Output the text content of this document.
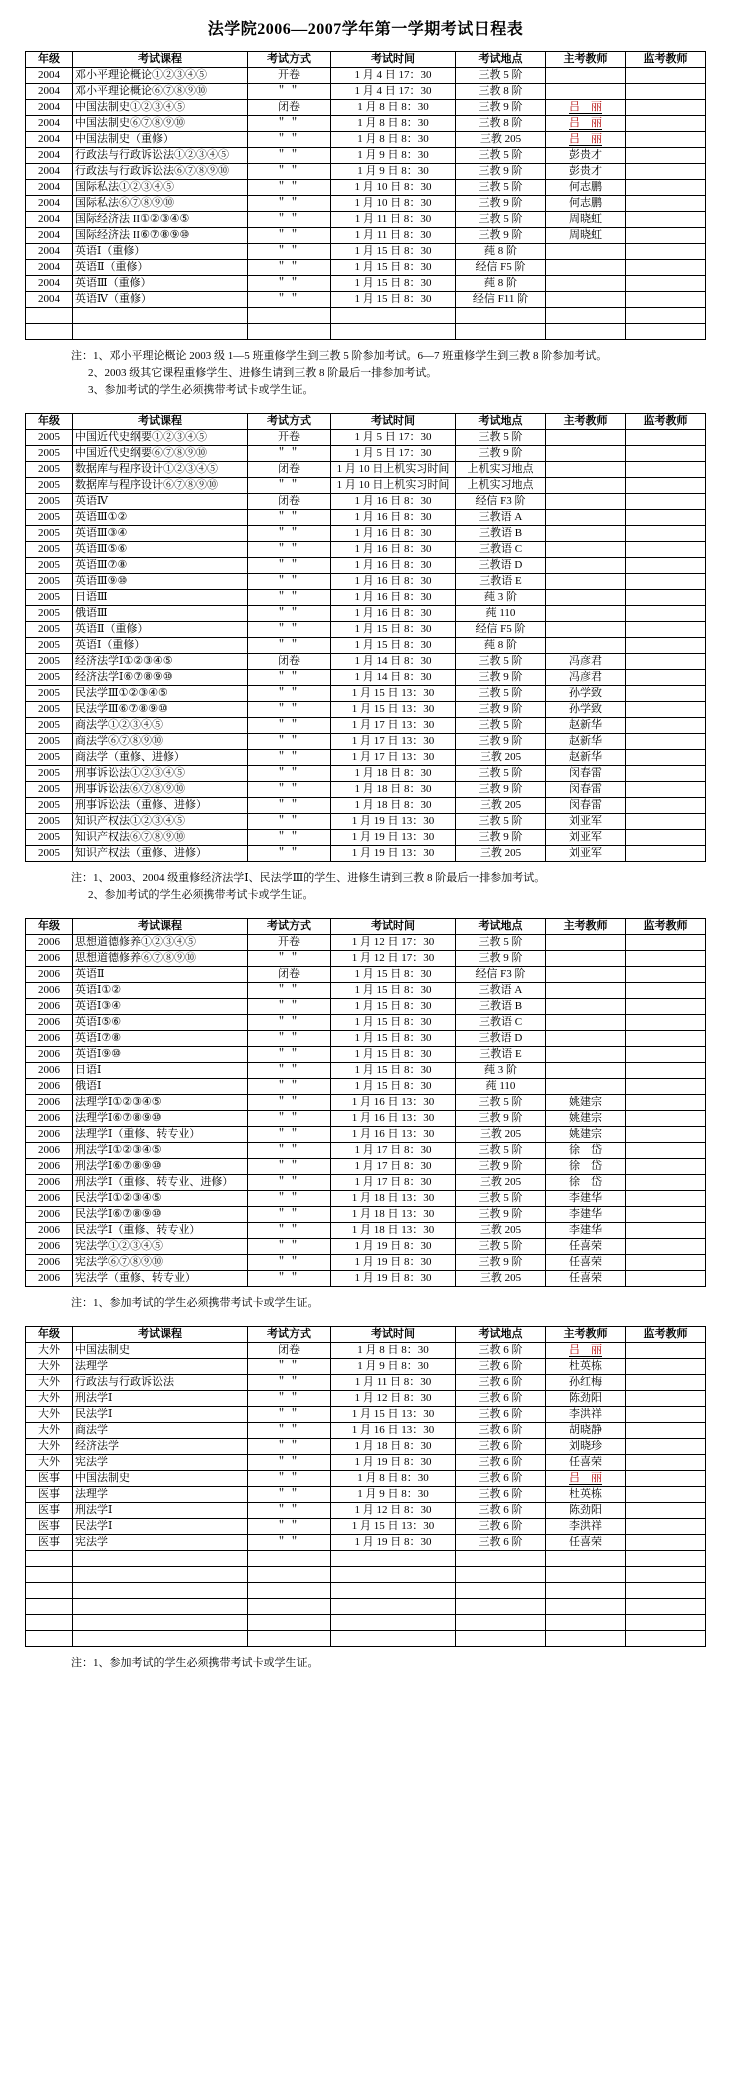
法学院2006—2007学年第一学期考试日程表
年级	考试课程	考试方式	考试时间	考试地点	主考教师	监考教师
2004	邓小平理论概论①②③④⑤	开卷	1 月 4 日 17：30	三教 5 阶		
2004	邓小平理论概论⑥⑦⑧⑨⑩	＂＂	1 月 4 日 17：30	三教 8 阶		
2004	中国法制史①②③④⑤	闭卷	1 月 8 日 8：30	三教 9 阶	吕　丽	
2004	中国法制史⑥⑦⑧⑨⑩	＂＂	1 月 8 日 8：30	三教 8 阶	吕　丽	
2004	中国法制史（重修）	＂＂	1 月 8 日 8：30	三教 205	吕　丽	
2004	行政法与行政诉讼法①②③④⑤	＂＂	1 月 9 日 8：30	三教 5 阶	彭贵才	
2004	行政法与行政诉讼法⑥⑦⑧⑨⑩	＂＂	1 月 9 日 8：30	三教 9 阶	彭贵才	
2004	国际私法①②③④⑤	＂＂	1 月 10 日 8：30	三教 5 阶	何志鹏	
2004	国际私法⑥⑦⑧⑨⑩	＂＂	1 月 10 日 8：30	三教 9 阶	何志鹏	
2004	国际经济法 II①②③④⑤	＂＂	1 月 11 日 8：30	三教 5 阶	周晓虹	
2004	国际经济法 II⑥⑦⑧⑨⑩	＂＂	1 月 11 日 8：30	三教 9 阶	周晓虹	
2004	英语Ⅰ（重修）	＂＂	1 月 15 日 8：30	莼 8 阶		
2004	英语Ⅱ（重修）	＂＂	1 月 15 日 8：30	经信 F5 阶		
2004	英语Ⅲ（重修）	＂＂	1 月 15 日 8：30	莼 8 阶		
2004	英语Ⅳ（重修）	＂＂	1 月 15 日 8：30	经信 F11 阶		

注：1、邓小平理论概论 2003 级 1—5 班重修学生到三教 5 阶参加考试。6—7 班重修学生到三教 8 阶参加考试。
2、2003 级其它课程重修学生、进修生请到三教 8 阶最后一排参加考试。
3、参加考试的学生必须携带考试卡或学生证。
年级	考试课程	考试方式	考试时间	考试地点	主考教师	监考教师
2005	中国近代史纲要①②③④⑤	开卷	1 月 5 日 17：30	三教 5 阶		
2005	中国近代史纲要⑥⑦⑧⑨⑩	＂＂	1 月 5 日 17：30	三教 9 阶		
2005	数据库与程序设计①②③④⑤	闭卷	1 月 10 日上机实习时间	上机实习地点		
2005	数据库与程序设计⑥⑦⑧⑨⑩	＂＂	1 月 10 日上机实习时间	上机实习地点		
2005	英语Ⅳ	闭卷	1 月 16 日 8：30	经信 F3 阶		
2005	英语Ⅲ①②	＂＂	1 月 16 日 8：30	三教语 A		
2005	英语Ⅲ③④	＂＂	1 月 16 日 8：30	三教语 B		
2005	英语Ⅲ⑤⑥	＂＂	1 月 16 日 8：30	三教语 C		
2005	英语Ⅲ⑦⑧	＂＂	1 月 16 日 8：30	三教语 D		
2005	英语Ⅲ⑨⑩	＂＂	1 月 16 日 8：30	三教语 E		
2005	日语Ⅲ	＂＂	1 月 16 日 8：30	莼 3 阶		
2005	俄语Ⅲ	＂＂	1 月 16 日 8：30	莼 110		
2005	英语Ⅱ（重修）	＂＂	1 月 15 日 8：30	经信 F5 阶		
2005	英语Ⅰ（重修）	＂＂	1 月 15 日 8：30	莼 8 阶		
2005	经济法学Ⅰ①②③④⑤	闭卷	1 月 14 日 8：30	三教 5 阶	冯彦君	
2005	经济法学Ⅰ⑥⑦⑧⑨⑩	＂＂	1 月 14 日 8：30	三教 9 阶	冯彦君	
2005	民法学Ⅲ①②③④⑤	＂＂	1 月 15 日 13：30	三教 5 阶	孙学致	
2005	民法学Ⅲ⑥⑦⑧⑨⑩	＂＂	1 月 15 日 13：30	三教 9 阶	孙学致	
2005	商法学①②③④⑤	＂＂	1 月 17 日 13：30	三教 5 阶	赵新华	
2005	商法学⑥⑦⑧⑨⑩	＂＂	1 月 17 日 13：30	三教 9 阶	赵新华	
2005	商法学（重修、进修）	＂＂	1 月 17 日 13：30	三教 205	赵新华	
2005	刑事诉讼法①②③④⑤	＂＂	1 月 18 日 8：30	三教 5 阶	闵春雷	
2005	刑事诉讼法⑥⑦⑧⑨⑩	＂＂	1 月 18 日 8：30	三教 9 阶	闵春雷	
2005	刑事诉讼法（重修、进修）	＂＂	1 月 18 日 8：30	三教 205	闵春雷	
2005	知识产权法①②③④⑤	＂＂	1 月 19 日 13：30	三教 5 阶	刘亚军	
2005	知识产权法⑥⑦⑧⑨⑩	＂＂	1 月 19 日 13：30	三教 9 阶	刘亚军	
2005	知识产权法（重修、进修）	＂＂	1 月 19 日 13：30	三教 205	刘亚军	
注：1、2003、2004 级重修经济法学Ⅰ、民法学Ⅲ的学生、进修生请到三教 8 阶最后一排参加考试。
2、参加考试的学生必须携带考试卡或学生证。
年级	考试课程	考试方式	考试时间	考试地点	主考教师	监考教师
2006	思想道德修养①②③④⑤	开卷	1 月 12 日 17：30	三教 5 阶		
2006	思想道德修养⑥⑦⑧⑨⑩	＂＂	1 月 12 日 17：30	三教 9 阶		
2006	英语Ⅱ	闭卷	1 月 15 日 8：30	经信 F3 阶		
2006	英语Ⅰ①②	＂＂	1 月 15 日 8：30	三教语 A		
2006	英语Ⅰ③④	＂＂	1 月 15 日 8：30	三教语 B		
2006	英语Ⅰ⑤⑥	＂＂	1 月 15 日 8：30	三教语 C		
2006	英语Ⅰ⑦⑧	＂＂	1 月 15 日 8：30	三教语 D		
2006	英语Ⅰ⑨⑩	＂＂	1 月 15 日 8：30	三教语 E		
2006	日语Ⅰ	＂＂	1 月 15 日 8：30	莼 3 阶		
2006	俄语Ⅰ	＂＂	1 月 15 日 8：30	莼 110		
2006	法理学Ⅰ①②③④⑤	＂＂	1 月 16 日 13：30	三教 5 阶	姚建宗	
2006	法理学Ⅰ⑥⑦⑧⑨⑩	＂＂	1 月 16 日 13：30	三教 9 阶	姚建宗	
2006	法理学Ⅰ（重修、转专业）	＂＂	1 月 16 日 13：30	三教 205	姚建宗	
2006	刑法学Ⅰ①②③④⑤	＂＂	1 月 17 日 8：30	三教 5 阶	徐　岱	
2006	刑法学Ⅰ⑥⑦⑧⑨⑩	＂＂	1 月 17 日 8：30	三教 9 阶	徐　岱	
2006	刑法学Ⅰ（重修、转专业、进修）	＂＂	1 月 17 日 8：30	三教 205	徐　岱	
2006	民法学Ⅰ①②③④⑤	＂＂	1 月 18 日 13：30	三教 5 阶	李建华	
2006	民法学Ⅰ⑥⑦⑧⑨⑩	＂＂	1 月 18 日 13：30	三教 9 阶	李建华	
2006	民法学Ⅰ（重修、转专业）	＂＂	1 月 18 日 13：30	三教 205	李建华	
2006	宪法学①②③④⑤	＂＂	1 月 19 日 8：30	三教 5 阶	任喜荣	
2006	宪法学⑥⑦⑧⑨⑩	＂＂	1 月 19 日 8：30	三教 9 阶	任喜荣	
2006	宪法学（重修、转专业）	＂＂	1 月 19 日 8：30	三教 205	任喜荣	
注：1、参加考试的学生必须携带考试卡或学生证。
年级	考试课程	考试方式	考试时间	考试地点	主考教师	监考教师
大外	中国法制史	闭卷	1 月 8 日 8：30	三教 6 阶	吕　丽	
大外	法理学	＂＂	1 月 9 日 8：30	三教 6 阶	杜英栋	
大外	行政法与行政诉讼法	＂＂	1 月 11 日 8：30	三教 6 阶	孙红梅	
大外	刑法学Ⅰ	＂＂	1 月 12 日 8：30	三教 6 阶	陈劲阳	
大外	民法学Ⅰ	＂＂	1 月 15 日 13：30	三教 6 阶	李洪祥	
大外	商法学	＂＂	1 月 16 日 13：30	三教 6 阶	胡晓静	
大外	经济法学	＂＂	1 月 18 日 8：30	三教 6 阶	刘晓珍	
大外	宪法学	＂＂	1 月 19 日 8：30	三教 6 阶	任喜荣	
医事	中国法制史	＂＂	1 月 8 日 8：30	三教 6 阶	吕　丽	
医事	法理学	＂＂	1 月 9 日 8：30	三教 6 阶	杜英栋	
医事	刑法学Ⅰ	＂＂	1 月 12 日 8：30	三教 6 阶	陈劲阳	
医事	民法学Ⅰ	＂＂	1 月 15 日 13：30	三教 6 阶	李洪祥	
医事	宪法学	＂＂	1 月 19 日 8：30	三教 6 阶	任喜荣	

注：1、参加考试的学生必须携带考试卡或学生证。
